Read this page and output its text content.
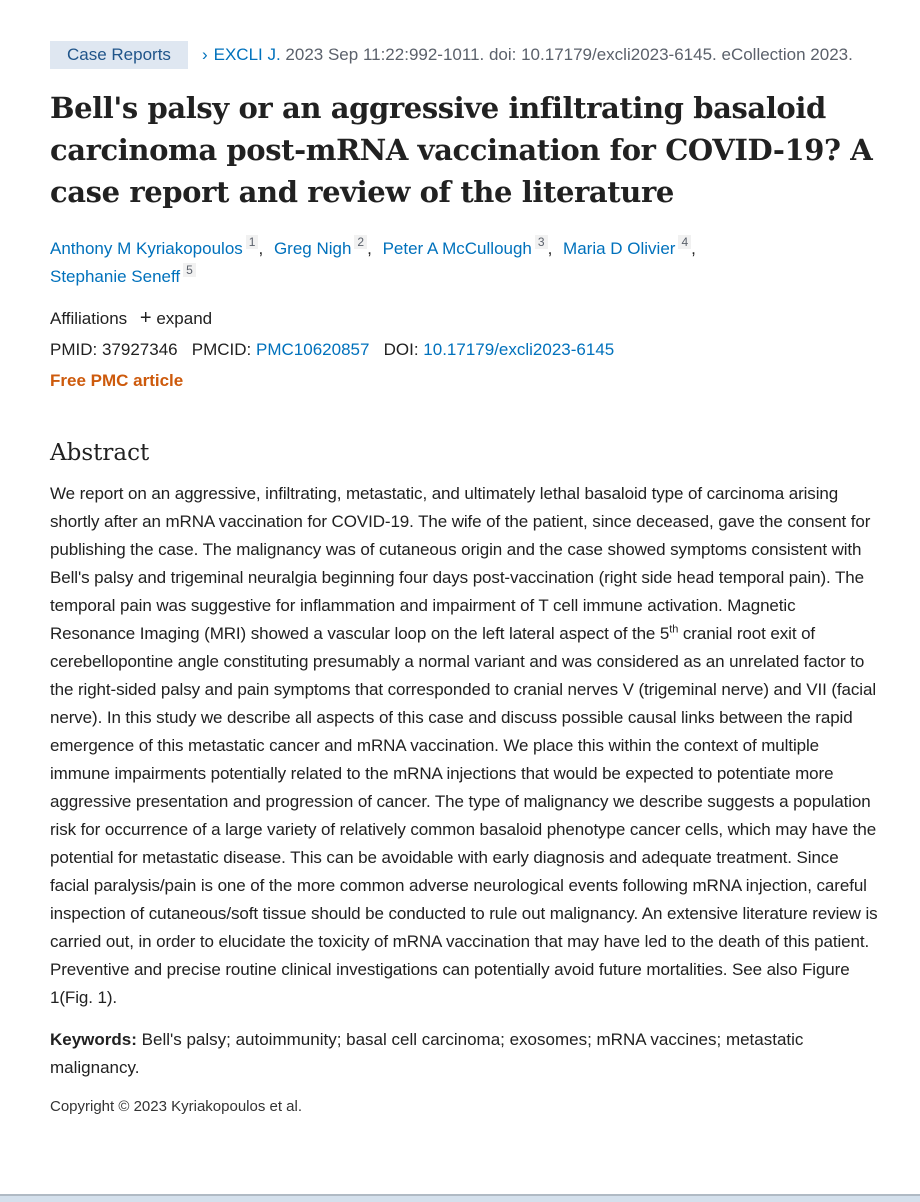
Case Reports › EXCLI J. 2023 Sep 11:22:992-1011. doi: 10.17179/excli2023-6145. eCollection 2023.
Bell's palsy or an aggressive infiltrating basaloid carcinoma post-mRNA vaccination for COVID-19? A case report and review of the literature
Anthony M Kyriakopoulos $^1$ , Greg Nigh $^2$ , Peter A McCullough $^3$ , Maria D Olivier $^4$ ,
Stephanie Seneff $^5$
Affiliations + expand
PMID: 37927346 PMCID: PMC10620857 DOI: 10.17179/excli2023-6145
Free PMC article
Abstract

We report on an aggressive, infiltrating, metastatic, and ultimately lethal basaloid type of carcinoma arising shortly after an mRNA vaccination for COVID-19. The wife of the patient, since deceased, gave the consent for publishing the case. The malignancy was of cutaneous origin and the case showed symptoms consistent with Bell's palsy and trigeminal neuralgia beginning four days post-vaccination (right side head temporal pain). The temporal pain was suggestive for inflammation and impairment of T cell immune activation. Magnetic Resonance Imaging (MRI) showed a vascular loop on the left lateral aspect of the 5th cranial root exit of cerebellopontine angle constituting presumably a normal variant and was considered as an unrelated factor to the right-sided palsy and pain symptoms that corresponded to cranial nerves V (trigeminal nerve) and VII (facial nerve). In this study we describe all aspects of this case and discuss possible causal links between the rapid emergence of this metastatic cancer and mRNA vaccination. We place this within the context of multiple immune impairments potentially related to the mRNA injections that would be expected to potentiate more aggressive presentation and progression of cancer. The type of malignancy we describe suggests a population risk for occurrence of a large variety of relatively common basaloid phenotype cancer cells, which may have the potential for metastatic disease. This can be avoidable with early diagnosis and adequate treatment. Since facial paralysis/pain is one of the more common adverse neurological events following mRNA injection, careful inspection of cutaneous/soft tissue should be conducted to rule out malignancy. An extensive literature review is carried out, in order to elucidate the toxicity of mRNA vaccination that may have led to the death of this patient. Preventive and precise routine clinical investigations can potentially avoid future mortalities. See also Figure 1(Fig. 1).

Keywords: Bell's palsy; autoimmunity; basal cell carcinoma; exosomes; mRNA vaccines; metastatic malignancy.
Copyright © 2023 Kyriakopoulos et al.
